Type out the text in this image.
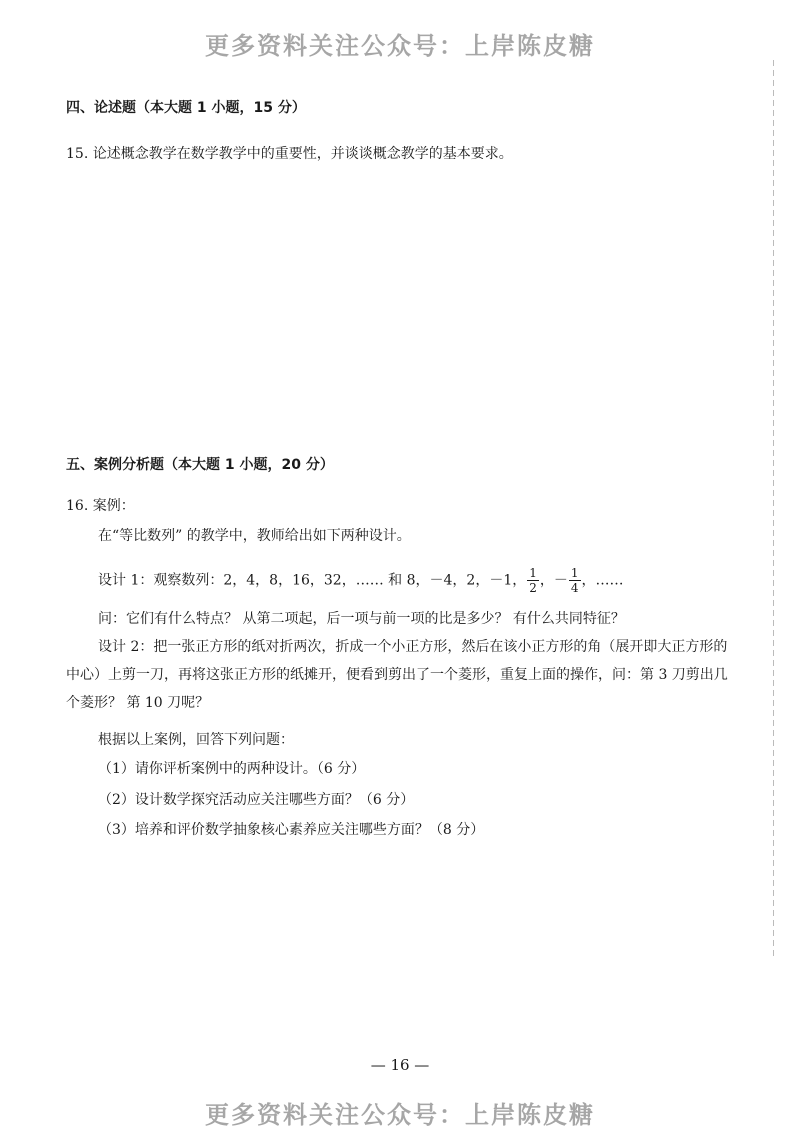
更多资料关注公众号：上岸陈皮糖
四、论述题（本大题 1 小题，15 分）
15. 论述概念教学在数学教学中的重要性，并谈谈概念教学的基本要求。
五、案例分析题（本大题 1 小题，20 分）
16. 案例：
在“等比数列” 的教学中，教师给出如下两种设计。
设计 1：观察数列：2，4，8，16，32，…… 和 8，－4，2，－1， $\frac{1}{2}$ ，－ $\frac{1}{4}$ ，……
问：它们有什么特点？ 从第二项起，后一项与前一项的比是多少？ 有什么共同特征？
设计 2：把一张正方形的纸对折两次，折成一个小正方形，然后在该小正方形的角（展开即大正方形的中心）上剪一刀，再将这张正方形的纸摊开，便看到剪出了一个菱形，重复上面的操作，问：第 3 刀剪出几个菱形？ 第 10 刀呢？
根据以上案例，回答下列问题：
（1）请你评析案例中的两种设计。（6 分）
（2）设计数学探究活动应关注哪些方面？（6 分）
（3）培养和评价数学抽象核心素养应关注哪些方面？（8 分）
— 16 —
更多资料关注公众号：上岸陈皮糖
